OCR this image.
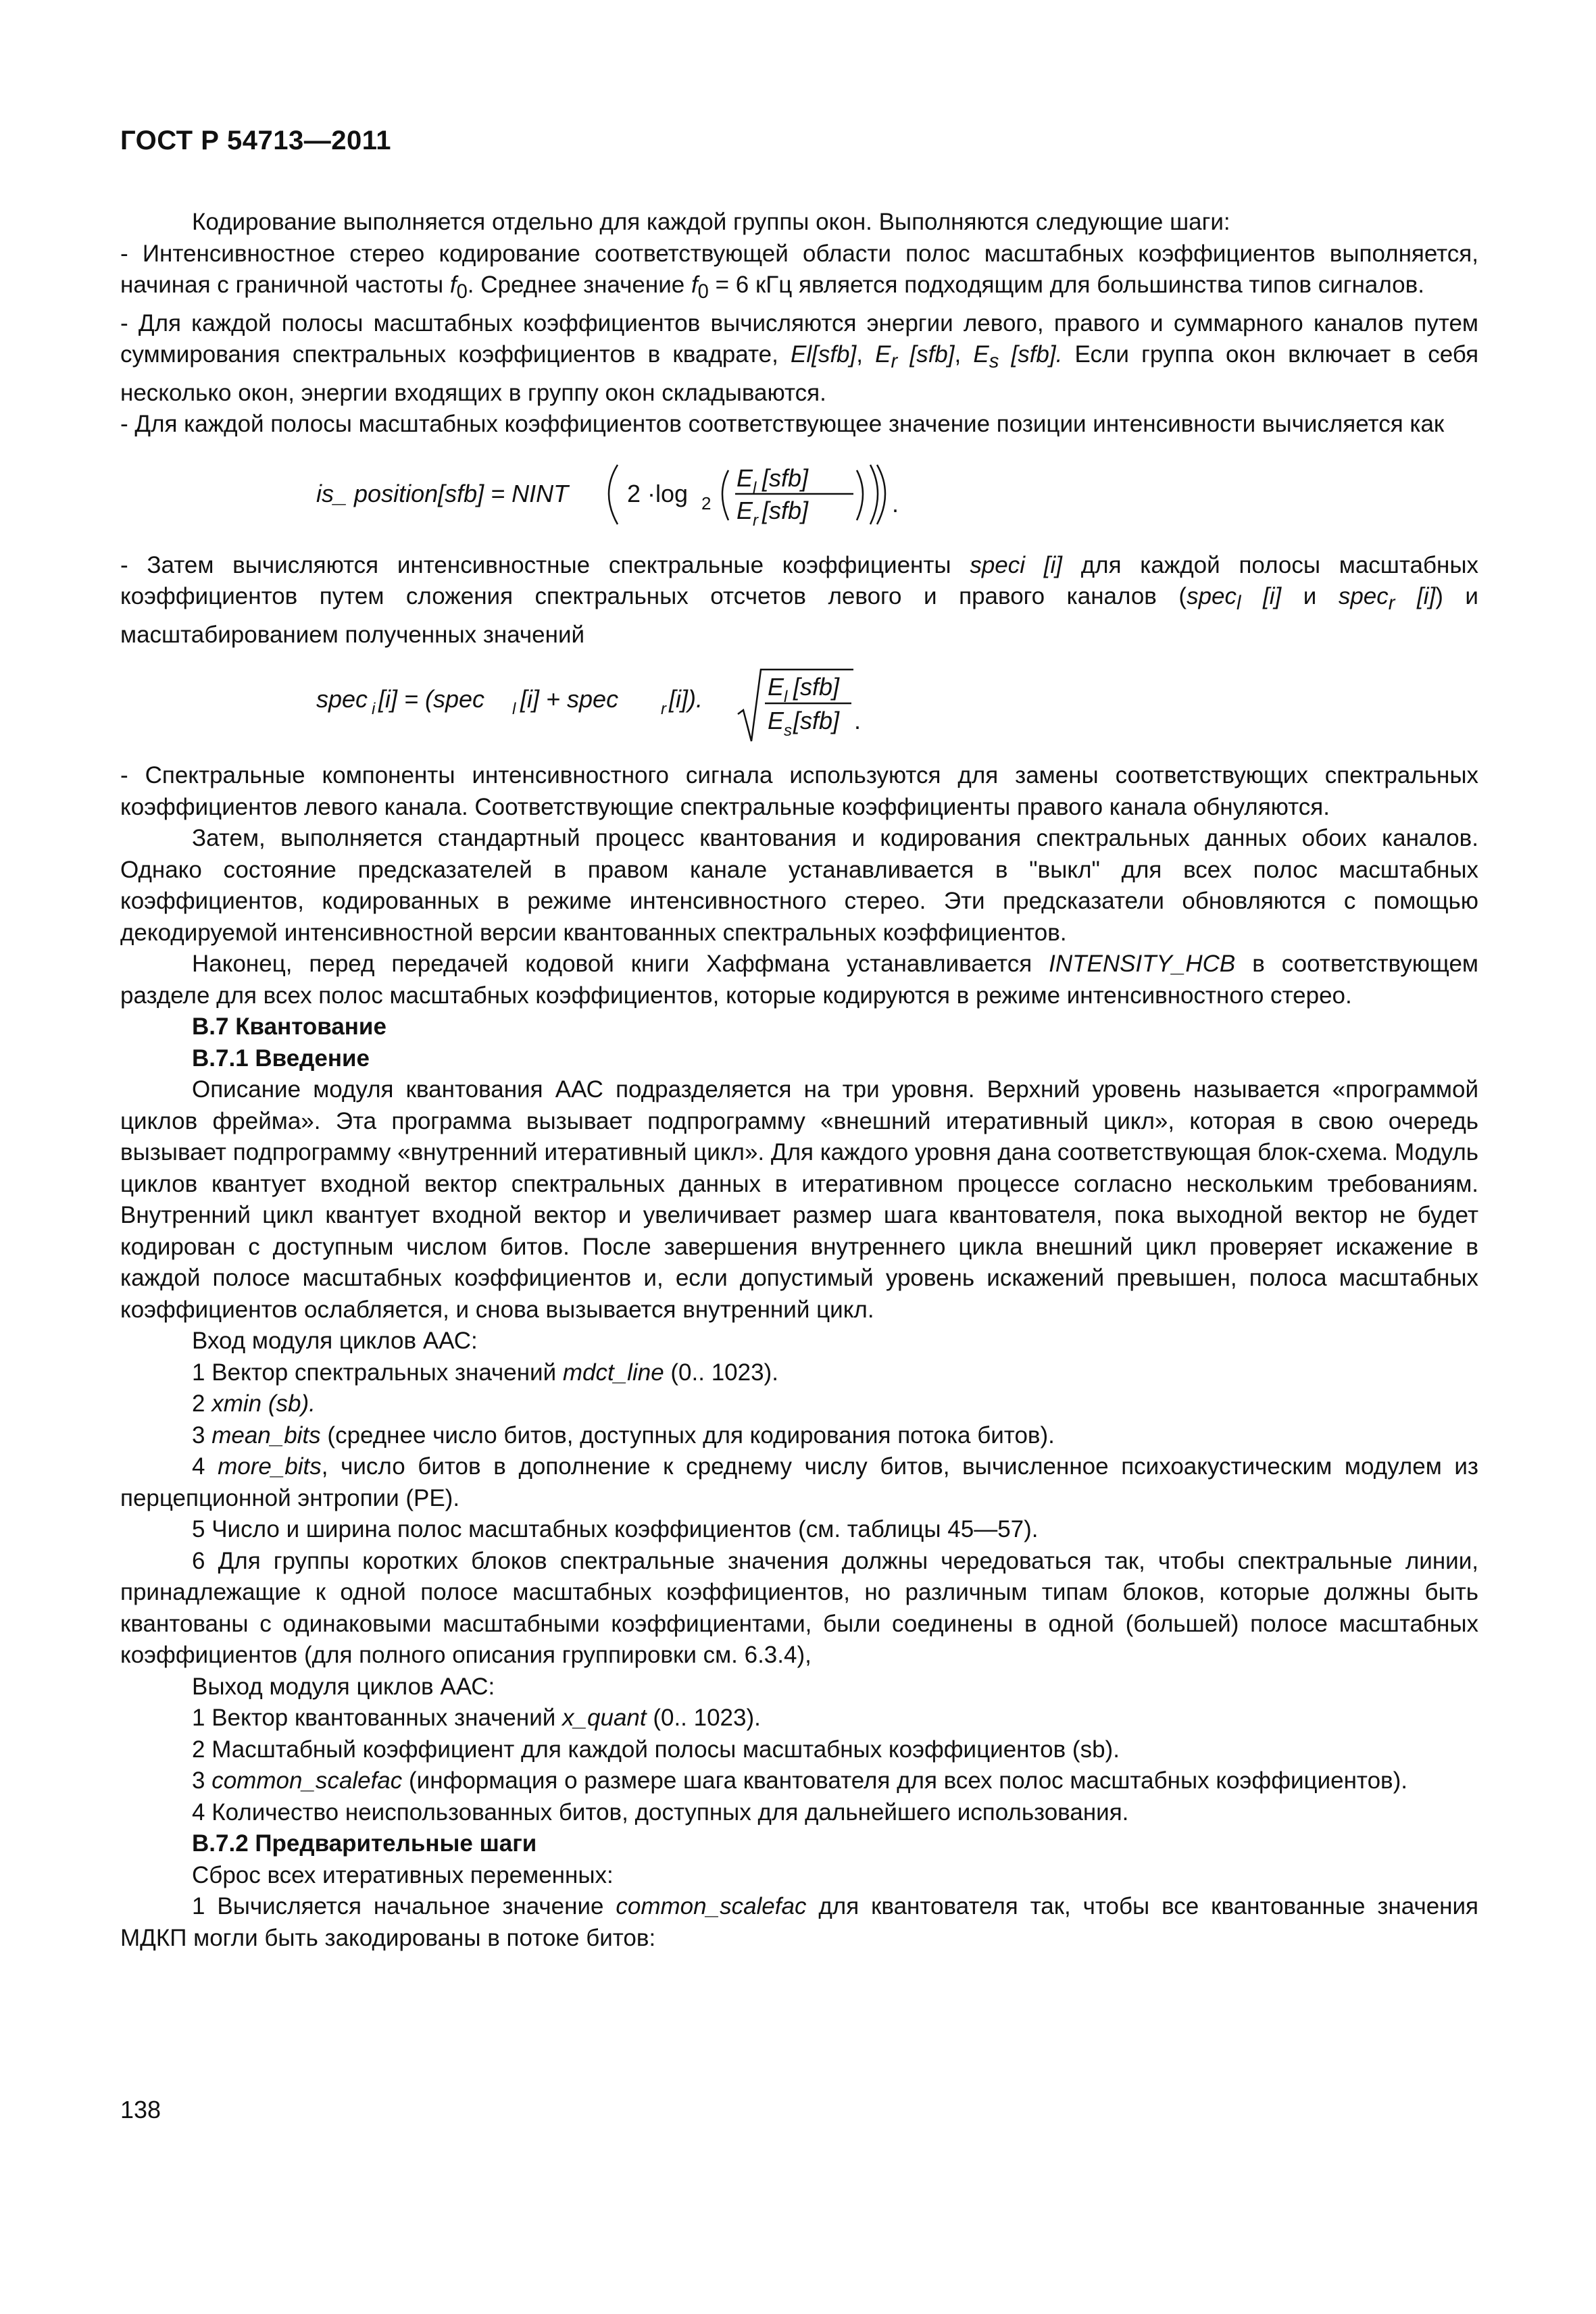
ГОСТ Р 54713—2011

Кодирование выполняется отдельно для каждой группы окон. Выполняются следующие шаги:

- Интенсивностное стерео кодирование соответствующей области полос масштабных коэффициентов выполняется, начиная с граничной частоты $f_0$. Среднее значение $f_0 = 6$ кГц является подходящим для большинства типов сигналов.

- Для каждой полосы масштабных коэффициентов вычисляются энергии левого, правого и суммарного каналов путем суммирования спектральных коэффициентов в квадрате, El[sfb], $E_r$ [sfb], $E_s$ [sfb]. Если группа окон включает в себя несколько окон, энергии входящих в группу окон складываются.

- Для каждой полосы масштабных коэффициентов соответствующее значение позиции интенсивности вычисляется как

is_ position[sfb] = NINT 2 ·log 2
E l [sfb]
E r [sfb]	.

- Затем вычисляются интенсивностные спектральные коэффициенты speci [i] для каждой полосы масштабных коэффициентов путем сложения спектральных отсчетов левого и правого каналов (spec$_l$ [i] и spec$_r$ [i]) и масштабированием полученных значений

spec i [i] = (spec l [i] + spec	r [i]).	E l [sfb]
E s [sfb] .

- Спектральные компоненты интенсивностного сигнала используются для замены соответствующих спектральных коэффициентов левого канала. Соответствующие спектральные коэффициенты правого канала обнуляются.

Затем, выполняется стандартный процесс квантования и кодирования спектральных данных обоих каналов. Однако состояние предсказателей в правом канале устанавливается в "выкл" для всех полос масштабных коэффициентов, кодированных в режиме интенсивностного стерео. Эти предсказатели обновляются с помощью декодируемой интенсивностной версии квантованных спектральных коэффициентов.

Наконец, перед передачей кодовой книги Хаффмана устанавливается INTENSITY_HCB в соответствующем разделе для всех полос масштабных коэффициентов, которые кодируются в режиме интенсивностного стерео.

В.7 Квантование

В.7.1 Введение

Описание модуля квантования ААС подразделяется на три уровня. Верхний уровень называется «программой циклов фрейма». Эта программа вызывает подпрограмму «внешний итеративный цикл», которая в свою очередь вызывает подпрограмму «внутренний итеративный цикл». Для каждого уровня дана соответствующая блок-схема. Модуль циклов квантует входной вектор спектральных данных в итеративном процессе согласно нескольким требованиям. Внутренний цикл квантует входной вектор и увеличивает размер шага квантователя, пока выходной вектор не будет кодирован с доступным числом битов. После завершения внутреннего цикла внешний цикл проверяет искажение в каждой полосе масштабных коэффициентов и, если допустимый уровень искажений превышен, полоса масштабных коэффициентов ослабляется, и снова вызывается внутренний цикл.

Вход модуля циклов ААС:

1 Вектор спектральных значений mdct_line (0.. 1023).

2 xmin (sb).

3 mean_bits (среднее число битов, доступных для кодирования потока битов).

4 more_bits, число битов в дополнение к среднему числу битов, вычисленное психоакустическим модулем из перцепционной энтропии (PE).

5 Число и ширина полос масштабных коэффициентов (см. таблицы 45—57).

6 Для группы коротких блоков спектральные значения должны чередоваться так, чтобы спектральные линии, принадлежащие к одной полосе масштабных коэффициентов, но различным типам блоков, которые должны быть квантованы с одинаковыми масштабными коэффициентами, были соединены в одной (большей) полосе масштабных коэффициентов (для полного описания группировки см. 6.3.4),

Выход модуля циклов ААС:

1 Вектор квантованных значений x_quant (0.. 1023).

2 Масштабный коэффициент для каждой полосы масштабных коэффициентов (sb).

3 common_scalefac (информация о размере шага квантователя для всех полос масштабных коэффициентов).

4 Количество неиспользованных битов, доступных для дальнейшего использования.

В.7.2 Предварительные шаги

Сброс всех итеративных переменных:

1 Вычисляется начальное значение common_scalefac для квантователя так, чтобы все квантованные значения МДКП могли быть закодированы в потоке битов:

138
